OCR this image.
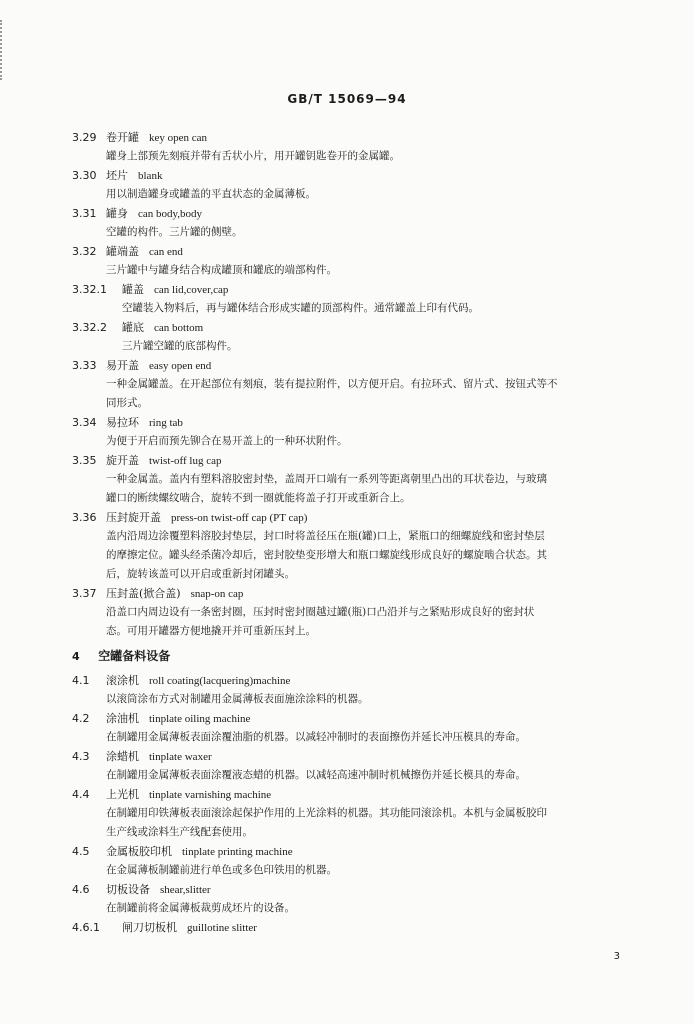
GB/T 15069—94
3.29 卷开罐 key open can
罐身上部预先刻痕并带有舌状小片，用开罐钥匙卷开的金属罐。
3.30 坯片 blank
用以制造罐身或罐盖的平直状态的金属薄板。
3.31 罐身 can body,body
空罐的构件。三片罐的侧壁。
3.32 罐端盖 can end
三片罐中与罐身结合构成罐顶和罐底的端部构件。
3.32.1 罐盖 can lid,cover,cap
空罐装入物料后，再与罐体结合形成实罐的顶部构件。通常罐盖上印有代码。
3.32.2 罐底 can bottom
三片罐空罐的底部构件。
3.33 易开盖 easy open end
一种金属罐盖。在开起部位有刻痕，装有提拉附件，以方便开启。有拉环式、留片式、按钮式等不
同形式。
3.34 易拉环 ring tab
为便于开启而预先铆合在易开盖上的一种环状附件。
3.35 旋开盖 twist-off lug cap
一种金属盖。盖内有塑料溶胶密封垫，盖周开口端有一系列等距离朝里凸出的耳状卷边，与玻璃
罐口的断续螺纹啮合，旋转不到一圈就能将盖子打开或重新合上。
3.36 压封旋开盖 press-on twist-off cap (PT cap)
盖内沿周边涂覆塑料溶胶封垫层，封口时将盖径压在瓶(罐)口上，紧瓶口的细螺旋线和密封垫层
的摩擦定位。罐头经杀菌冷却后，密封胶垫变形增大和瓶口螺旋线形成良好的螺旋啮合状态。其
后，旋转该盖可以开启或重新封闭罐头。
3.37 压封盖(掀合盖) snap-on cap
沿盖口内周边设有一条密封圈，压封时密封圈越过罐(瓶)口凸沿并与之紧贴形成良好的密封状
态。可用开罐器方便地撬开并可重新压封上。
4 空罐备料设备
4.1 滚涂机 roll coating(lacquering)machine
以滚筒涂布方式对制罐用金属薄板表面施涂涂料的机器。
4.2 涂油机 tinplate oiling machine
在制罐用金属薄板表面涂覆油脂的机器。以减轻冲制时的表面擦伤并延长冲压模具的寿命。
4.3 涂蜡机 tinplate waxer
在制罐用金属薄板表面涂覆液态蜡的机器。以减轻高速冲制时机械擦伤并延长模具的寿命。
4.4 上光机 tinplate varnishing machine
在制罐用印铁薄板表面滚涂起保护作用的上光涂料的机器。其功能同滚涂机。本机与金属板胶印
生产线或涂料生产线配套使用。
4.5 金属板胶印机 tinplate printing machine
在金属薄板制罐前进行单色或多色印铁用的机器。
4.6 切板设备 shear,slitter
在制罐前将金属薄板裁剪成坯片的设备。
4.6.1 闸刀切板机 guillotine slitter
3
